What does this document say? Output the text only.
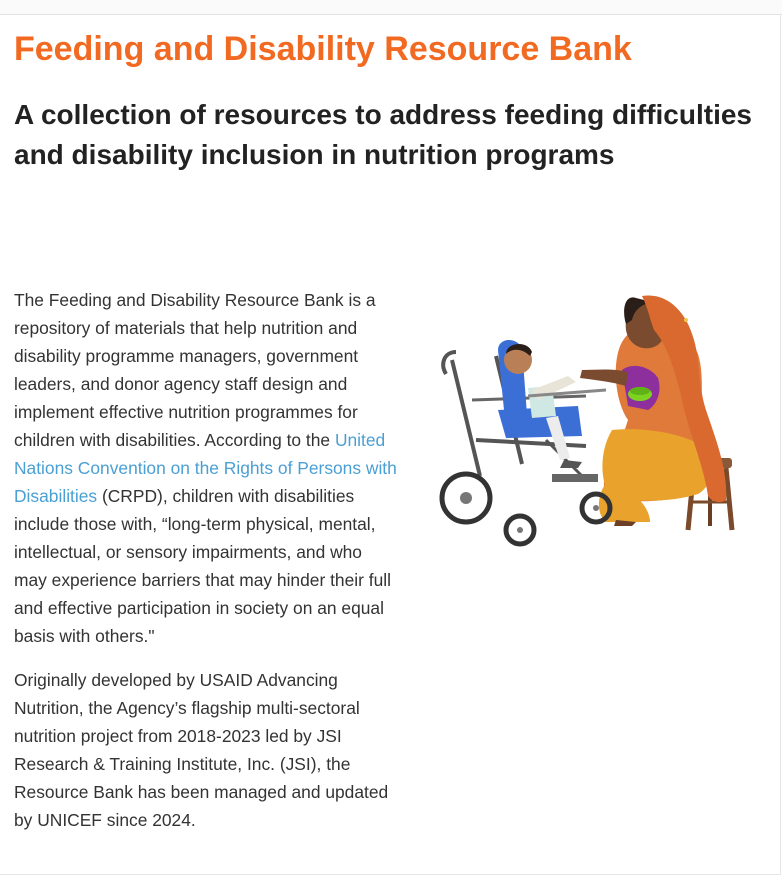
Feeding and Disability Resource Bank
A collection of resources to address feeding difficulties and disability inclusion in nutrition programs

The Feeding and Disability Resource Bank is a repository of materials that help nutrition and disability programme managers, government leaders, and donor agency staff design and implement effective nutrition programmes for children with disabilities. According to the United Nations Convention on the Rights of Persons with Disabilities (CRPD), children with disabilities include those with, “long-term physical, mental, intellectual, or sensory impairments, and who may experience barriers that may hinder their full and effective participation in society on an equal basis with others."

Originally developed by USAID Advancing Nutrition, the Agency’s flagship multi-sectoral nutrition project from 2018-2023 led by JSI Research & Training Institute, Inc. (JSI), the Resource Bank has been managed and updated by UNICEF since 2024.
